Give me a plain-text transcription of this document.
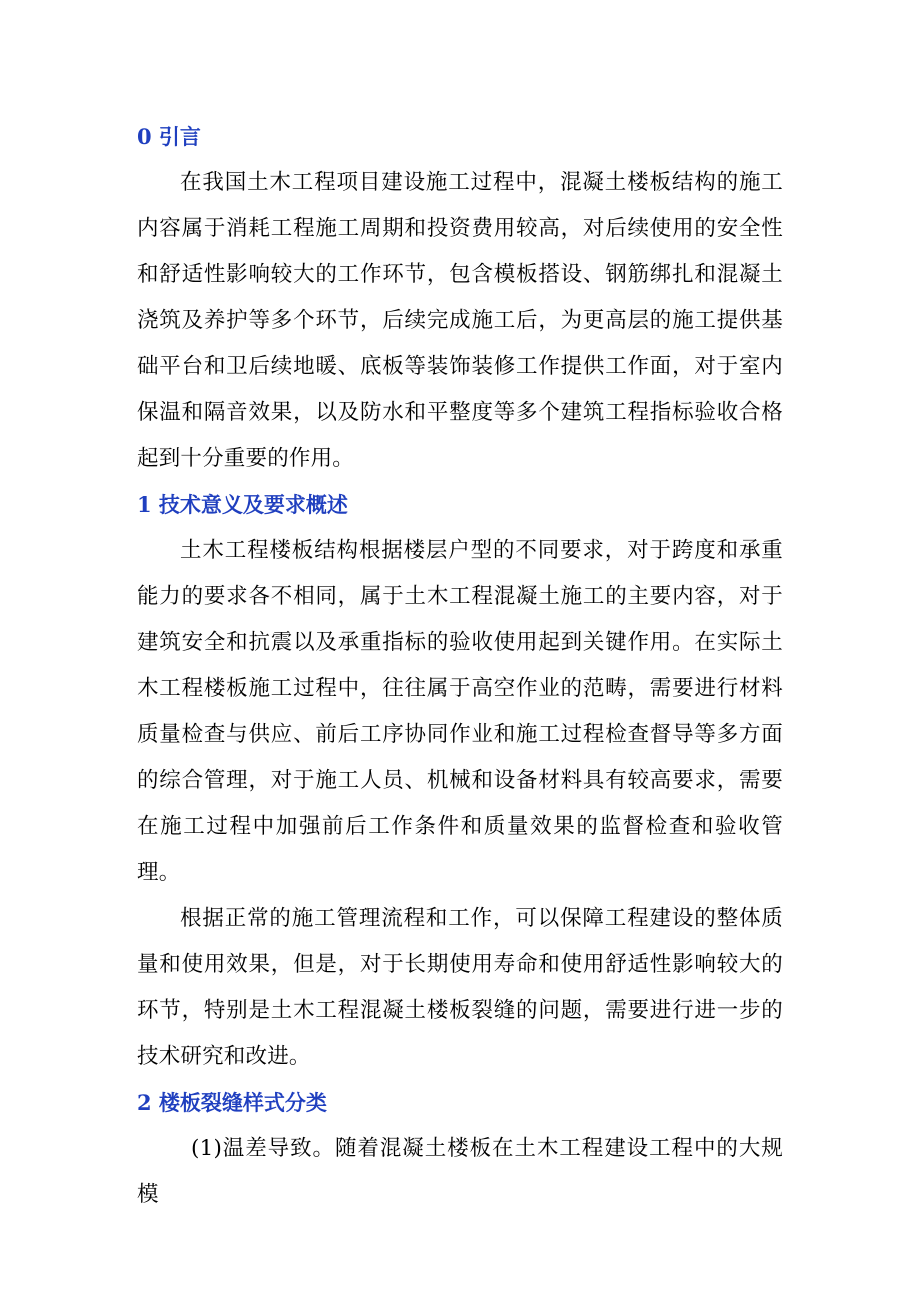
0 引言

在我国土木工程项目建设施工过程中，混凝土楼板结构的施工内容属于消耗工程施工周期和投资费用较高，对后续使用的安全性和舒适性影响较大的工作环节，包含模板搭设、钢筋绑扎和混凝土浇筑及养护等多个环节，后续完成施工后，为更高层的施工提供基础平台和卫后续地暖、底板等装饰装修工作提供工作面，对于室内保温和隔音效果，以及防水和平整度等多个建筑工程指标验收合格起到十分重要的作用。

1 技术意义及要求概述

土木工程楼板结构根据楼层户型的不同要求，对于跨度和承重能力的要求各不相同，属于土木工程混凝土施工的主要内容，对于建筑安全和抗震以及承重指标的验收使用起到关键作用。在实际土木工程楼板施工过程中，往往属于高空作业的范畴，需要进行材料质量检查与供应、前后工序协同作业和施工过程检查督导等多方面的综合管理，对于施工人员、机械和设备材料具有较高要求，需要在施工过程中加强前后工作条件和质量效果的监督检查和验收管理。

根据正常的施工管理流程和工作，可以保障工程建设的整体质量和使用效果，但是，对于长期使用寿命和使用舒适性影响较大的环节，特别是土木工程混凝土楼板裂缝的问题，需要进行进一步的技术研究和改进。

2 楼板裂缝样式分类

(1)温差导致。随着混凝土楼板在土木工程建设工程中的大规模
